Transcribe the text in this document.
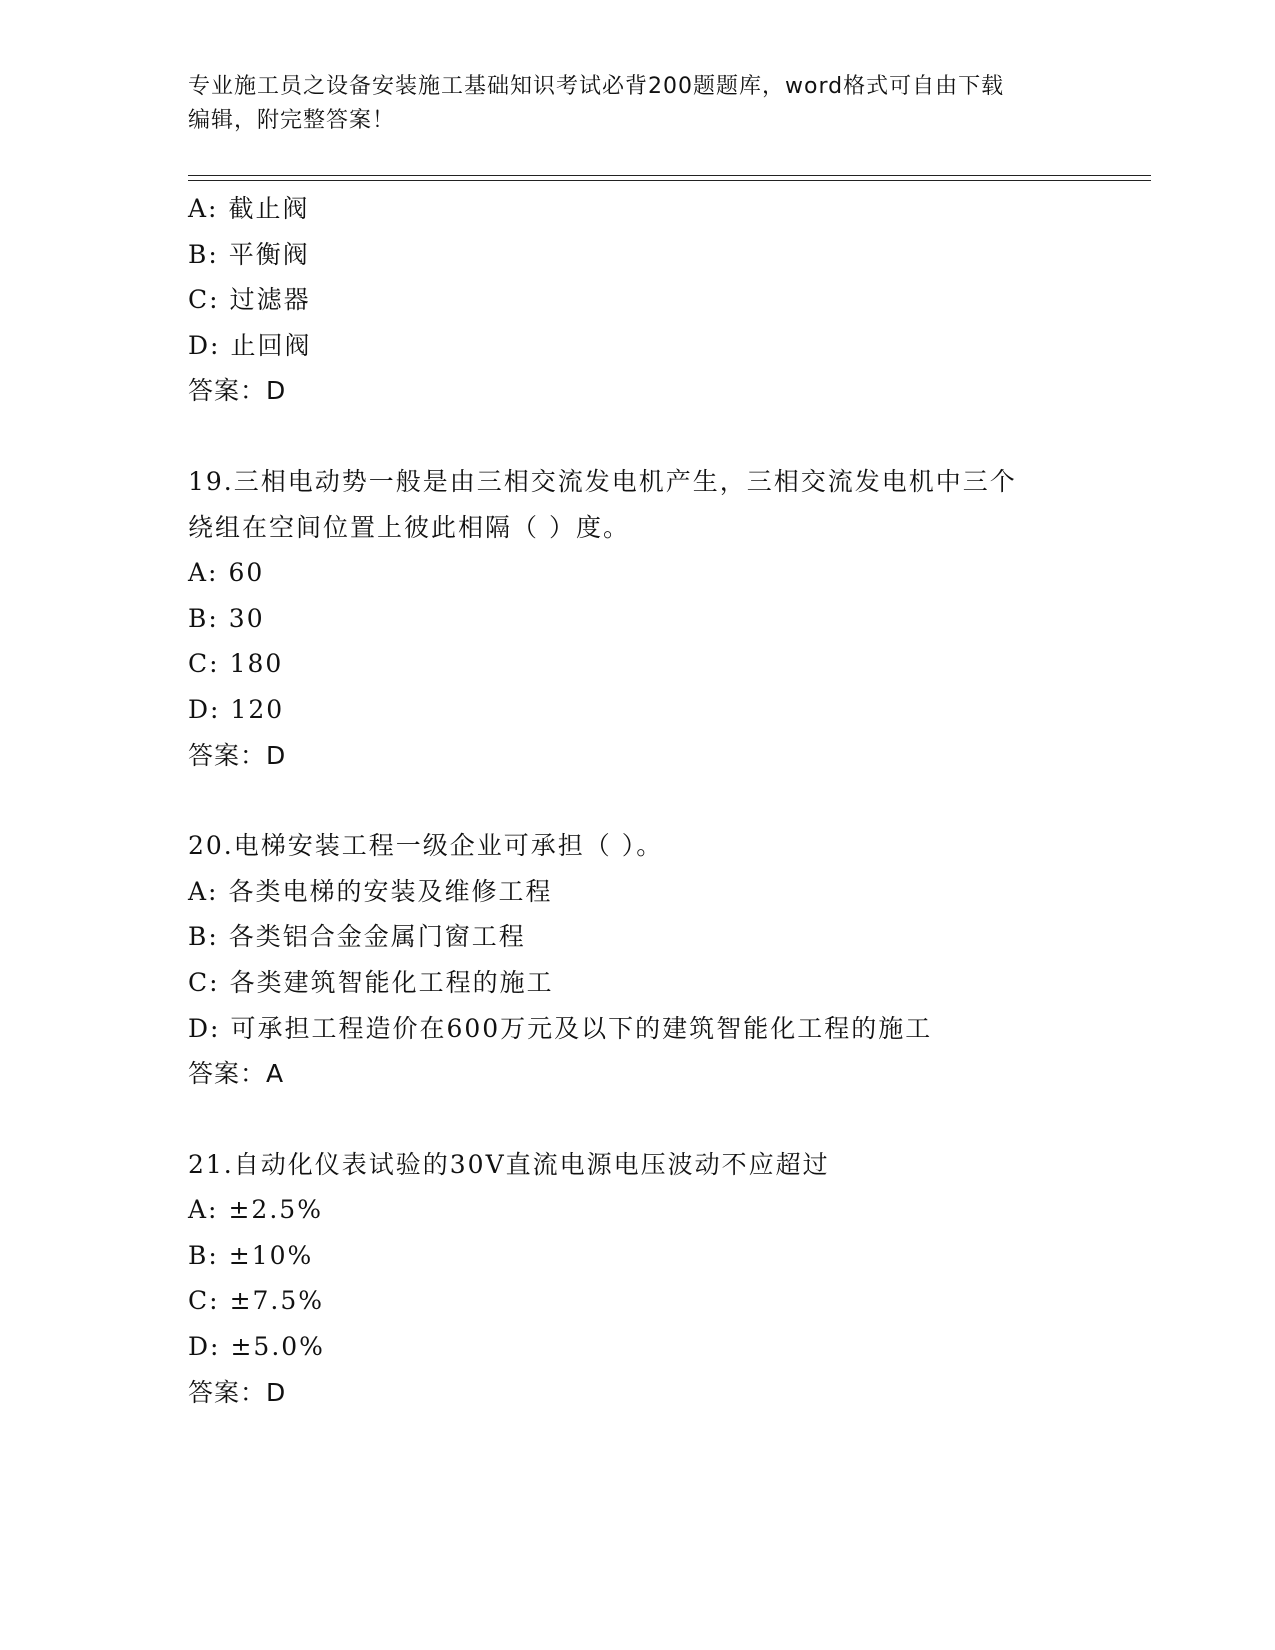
专业施工员之设备安装施工基础知识考试必背200题题库，word格式可自由下载
编辑，附完整答案！
A: 截止阀
B: 平衡阀
C: 过滤器
D: 止回阀
答案：D
19.三相电动势一般是由三相交流发电机产生，三相交流发电机中三个
绕组在空间位置上彼此相隔（ ）度。
A: 60
B: 30
C: 180
D: 120
答案：D
20.电梯安装工程一级企业可承担（ ）。
A: 各类电梯的安装及维修工程
B: 各类铝合金金属门窗工程
C: 各类建筑智能化工程的施工
D: 可承担工程造价在600万元及以下的建筑智能化工程的施工
答案：A
21.自动化仪表试验的30V直流电源电压波动不应超过
A: ±2.5%
B: ±10%
C: ±7.5%
D: ±5.0%
答案：D
